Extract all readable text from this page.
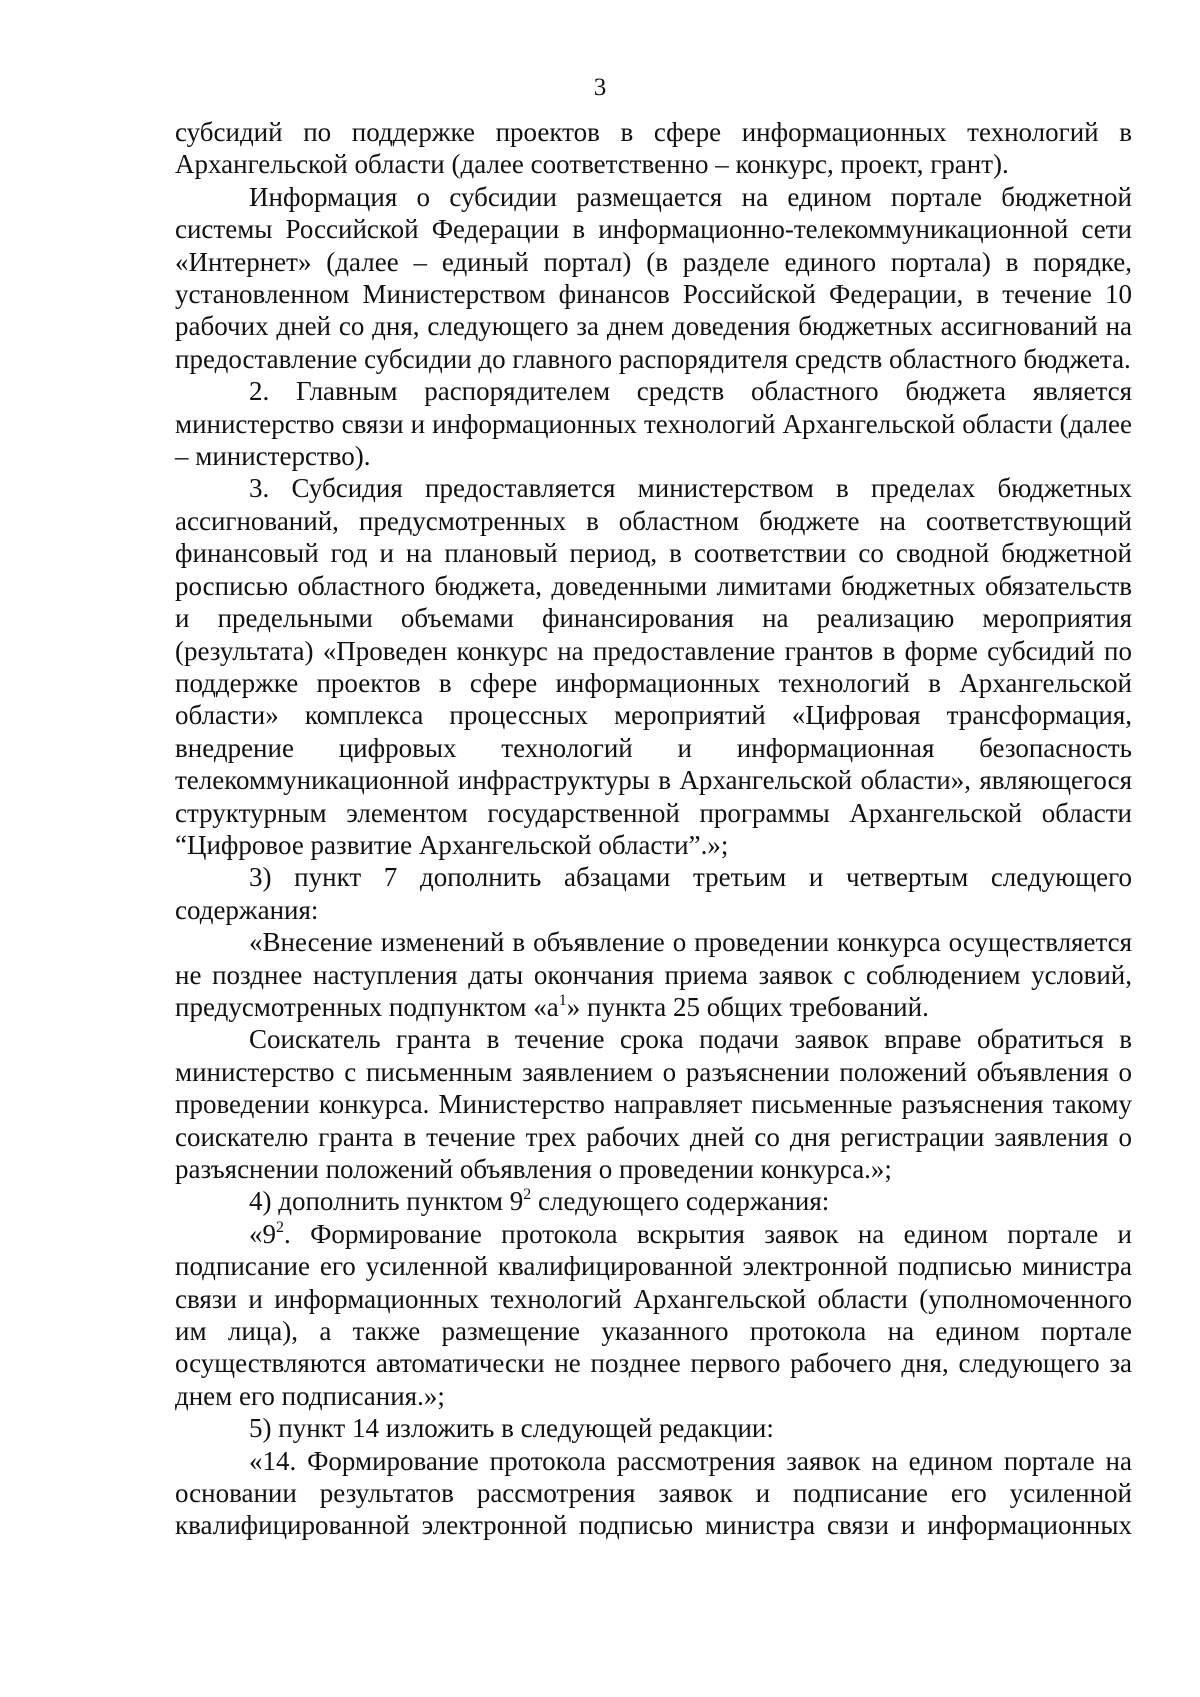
3

субсидий по поддержке проектов в сфере информационных технологий в Архангельской области (далее соответственно – конкурс, проект, грант).

Информация о субсидии размещается на едином портале бюджетной системы Российской Федерации в информационно-телекоммуникационной сети «Интернет» (далее – единый портал) (в разделе единого портала) в порядке, установленном Министерством финансов Российской Федерации, в течение 10 рабочих дней со дня, следующего за днем доведения бюджетных ассигнований на предоставление субсидии до главного распорядителя средств областного бюджета.

2. Главным распорядителем средств областного бюджета является министерство связи и информационных технологий Архангельской области (далее – министерство).

3. Субсидия предоставляется министерством в пределах бюджетных ассигнований, предусмотренных в областном бюджете на соответствующий финансовый год и на плановый период, в соответствии со сводной бюджетной росписью областного бюджета, доведенными лимитами бюджетных обязательств и предельными объемами финансирования на реализацию мероприятия (результата) «Проведен конкурс на предоставление грантов в форме субсидий по поддержке проектов в сфере информационных технологий в Архангельской области» комплекса процессных мероприятий «Цифровая трансформация, внедрение цифровых технологий и информационная безопасность телекоммуникационной инфраструктуры в Архангельской области», являющегося структурным элементом государственной программы Архангельской области “Цифровое развитие Архангельской области”.»;

3) пункт 7 дополнить абзацами третьим и четвертым следующего содержания:

«Внесение изменений в объявление о проведении конкурса осуществляется не позднее наступления даты окончания приема заявок с соблюдением условий, предусмотренных подпунктом «$а^1$» пункта 25 общих требований.

Соискатель гранта в течение срока подачи заявок вправе обратиться в министерство с письменным заявлением о разъяснении положений объявления о проведении конкурса. Министерство направляет письменные разъяснения такому соискателю гранта в течение трех рабочих дней со дня регистрации заявления о разъяснении положений объявления о проведении конкурса.»;

4) дополнить пунктом $9^2$ следующего содержания:

«$9^2$. Формирование протокола вскрытия заявок на едином портале и подписание его усиленной квалифицированной электронной подписью министра связи и информационных технологий Архангельской области (уполномоченного им лица), а также размещение указанного протокола на едином портале осуществляются автоматически не позднее первого рабочего дня, следующего за днем его подписания.»;

5) пункт 14 изложить в следующей редакции:

«14. Формирование протокола рассмотрения заявок на едином портале на основании результатов рассмотрения заявок и подписание его усиленной квалифицированной электронной подписью министра связи и информационных
